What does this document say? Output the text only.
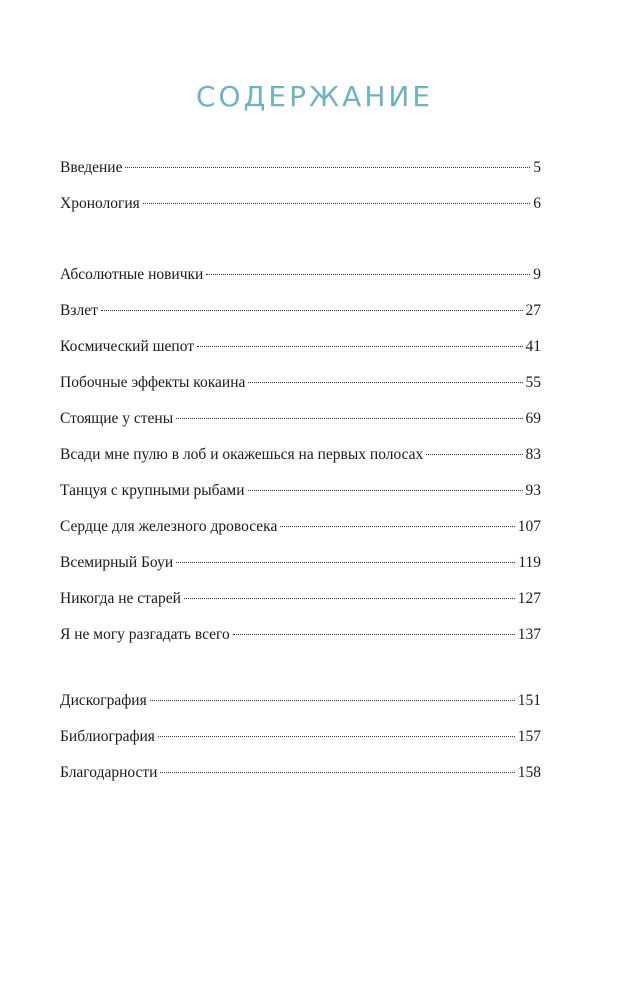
СОДЕРЖАНИЕ
Введение	5
Хронология	6
Абсолютные новички	9
Взлет	27
Космический шепот	41
Побочные эффекты кокаина	55
Стоящие у стены	69
Всади мне пулю в лоб и окажешься на первых полосах	83
Танцуя с крупными рыбами	93
Сердце для железного дровосека	107
Всемирный Боуи	119
Никогда не старей	127
Я не могу разгадать всего	137
Дискография	151
Библиография	157
Благодарности	158
